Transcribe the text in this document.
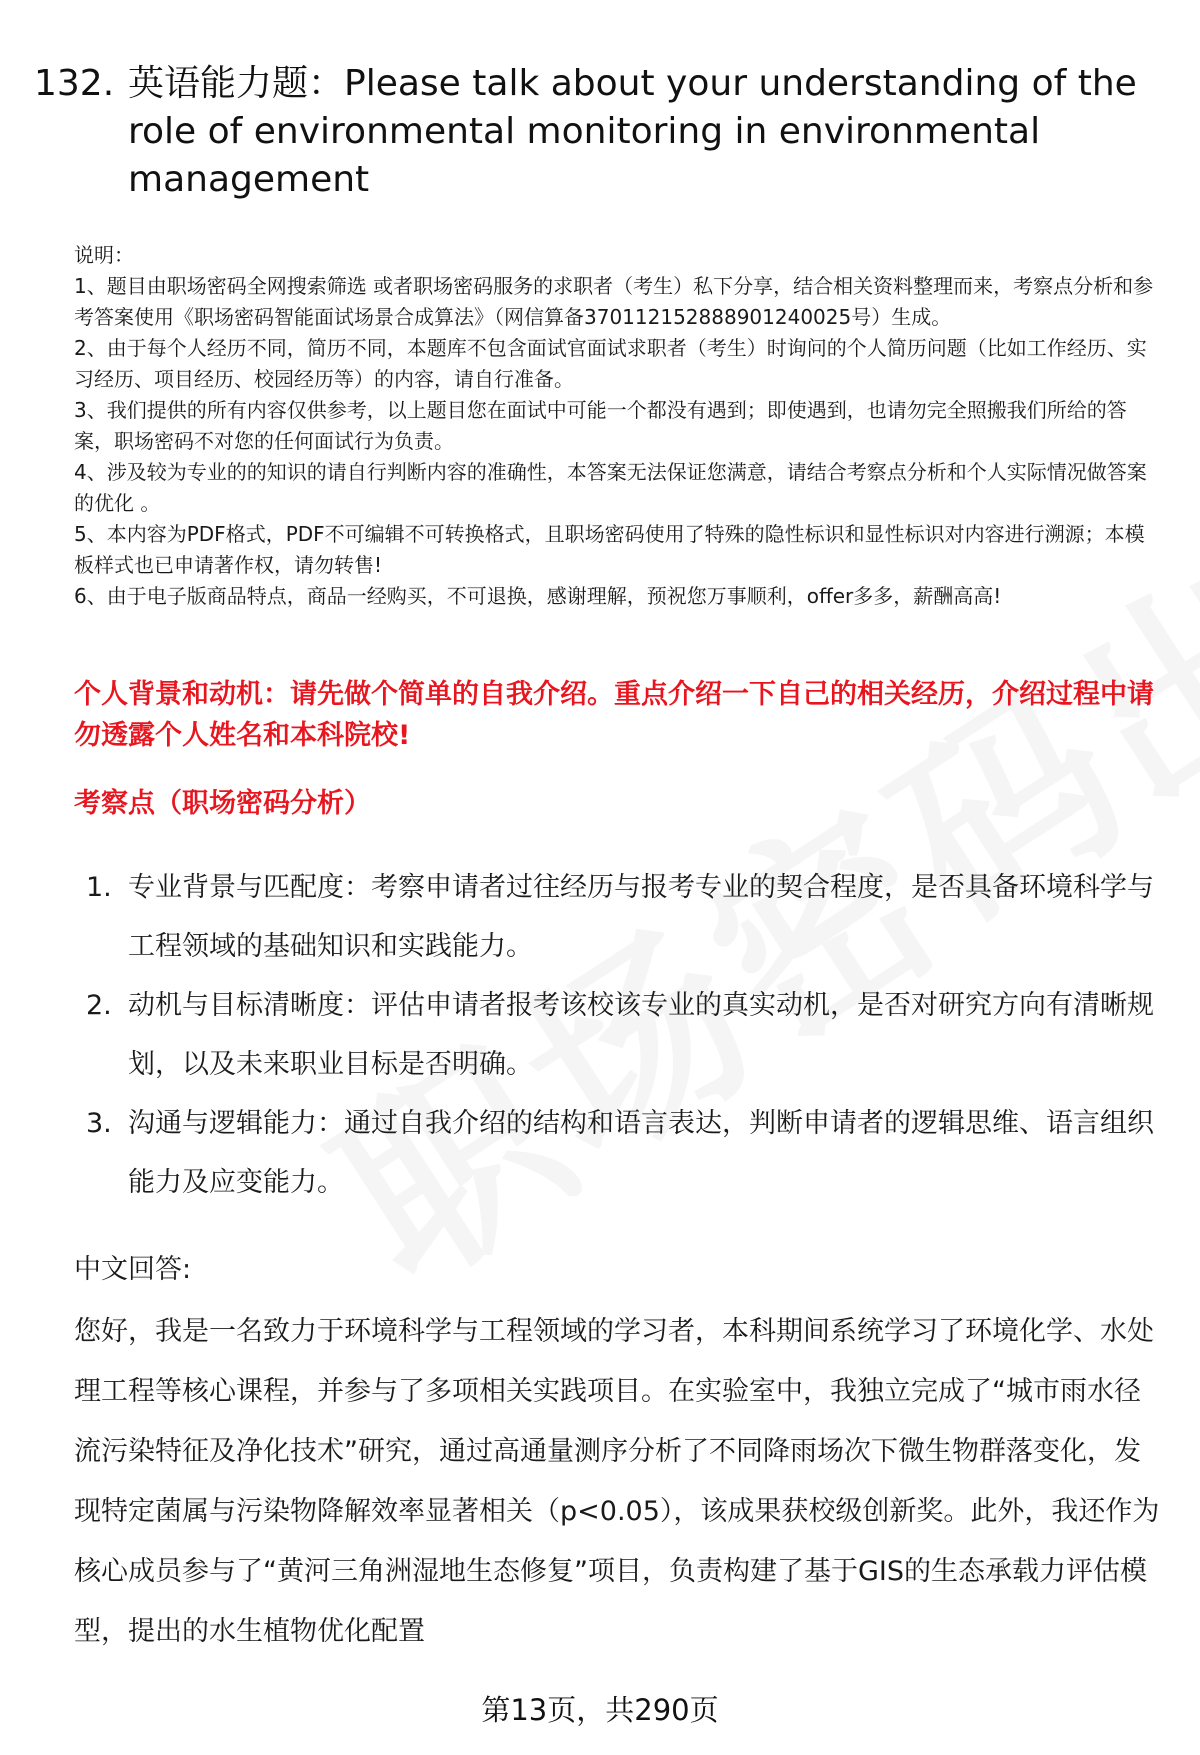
132. 英语能力题：Please talk about your understanding of the role of environmental monitoring in environmental management
说明：
1、题目由职场密码全网搜索筛选 或者职场密码服务的求职者（考生）私下分享，结合相关资料整理而来，考察点分析和参考答案使用《职场密码智能面试场景合成算法》（网信算备370112152888901240025号）生成。
2、由于每个人经历不同，简历不同，本题库不包含面试官面试求职者（考生）时询问的个人简历问题（比如工作经历、实习经历、项目经历、校园经历等）的内容，请自行准备。
3、我们提供的所有内容仅供参考，以上题目您在面试中可能一个都没有遇到；即使遇到，也请勿完全照搬我们所给的答案，职场密码不对您的任何面试行为负责。
4、涉及较为专业的的知识的请自行判断内容的准确性，本答案无法保证您满意，请结合考察点分析和个人实际情况做答案的优化 。
5、本内容为PDF格式，PDF不可编辑不可转换格式，且职场密码使用了特殊的隐性标识和显性标识对内容进行溯源；本模板样式也已申请著作权，请勿转售!
6、由于电子版商品特点，商品一经购买，不可退换，感谢理解，预祝您万事顺利，offer多多，薪酬高高!
个人背景和动机：请先做个简单的自我介绍。重点介绍一下自己的相关经历，介绍过程中请勿透露个人姓名和本科院校!
考察点（职场密码分析）
1. 专业背景与匹配度：考察申请者过往经历与报考专业的契合程度，是否具备环境科学与工程领域的基础知识和实践能力。
2. 动机与目标清晰度：评估申请者报考该校该专业的真实动机，是否对研究方向有清晰规划，以及未来职业目标是否明确。
3. 沟通与逻辑能力：通过自我介绍的结构和语言表达，判断申请者的逻辑思维、语言组织能力及应变能力。
中文回答:
您好，我是一名致力于环境科学与工程领域的学习者，本科期间系统学习了环境化学、水处理工程等核心课程，并参与了多项相关实践项目。在实验室中，我独立完成了“城市雨水径流污染特征及净化技术”研究，通过高通量测序分析了不同降雨场次下微生物群落变化，发现特定菌属与污染物降解效率显著相关（p<0.05），该成果获校级创新奖。此外，我还作为核心成员参与了“黄河三角洲湿地生态修复”项目，负责构建了基于GIS的生态承载力评估模型，提出的水生植物优化配置
第13页，共290页
